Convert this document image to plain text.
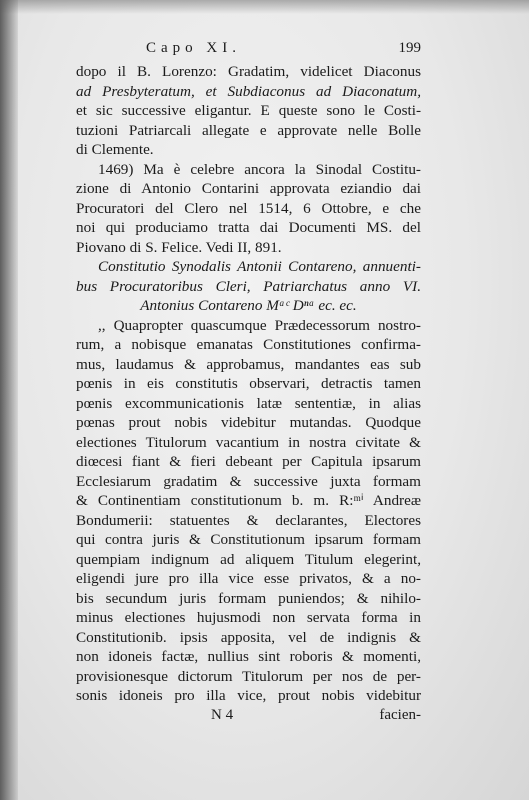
Capo XI.	199
dopo il B. Lorenzo: Gradatim, videlicet Diaconus
ad Presbyteratum, et Subdiaconus ad Diaconatum,
et sic successive eligantur. E queste sono le Costi-
tuzioni Patriarcali allegate e approvate nelle Bolle
di Clemente.
1469) Ma è celebre ancora la Sinodal Costitu-
zione di Antonio Contarini approvata eziandio dai
Procuratori del Clero nel 1514, 6 Ottobre, e che
noi qui produciamo tratta dai Documenti MS. del
Piovano di S. Felice. Vedi II, 891.
Constitutio Synodalis Antonii Contareno, annuenti-
bus Procuratoribus Cleri, Patriarchatus anno VI.
Antonius Contareno Mᵃᶜ Dⁿᵃ ec. ec.
,, Quapropter quascumque Prædecessorum nostro-
rum, a nobisque emanatas Constitutiones confirma-
mus, laudamus & approbamus, mandantes eas sub
pœnis in eis constitutis observari, detractis tamen
pœnis excommunicationis latæ sententiæ, in alias
pœnas prout nobis videbitur mutandas. Quodque
electiones Titulorum vacantium in nostra civitate &
diœcesi fiant & fieri debeant per Capitula ipsarum
Ecclesiarum gradatim & successive juxta formam
& Continentiam constitutionum b. m. R:ᵐⁱ Andreæ
Bondumerii: statuentes & declarantes, Electores
qui contra juris & Constitutionum ipsarum formam
quempiam indignum ad aliquem Titulum elegerint,
eligendi jure pro illa vice esse privatos, & a no-
bis secundum juris formam puniendos; & nihilo-
minus electiones hujusmodi non servata forma in
Constitutionib. ipsis apposita, vel de indignis &
non idoneis factæ, nullius sint roboris & momenti,
provisionesque dictorum Titulorum per nos de per-
sonis idoneis pro illa vice, prout nobis videbitur
N 4	facien-
